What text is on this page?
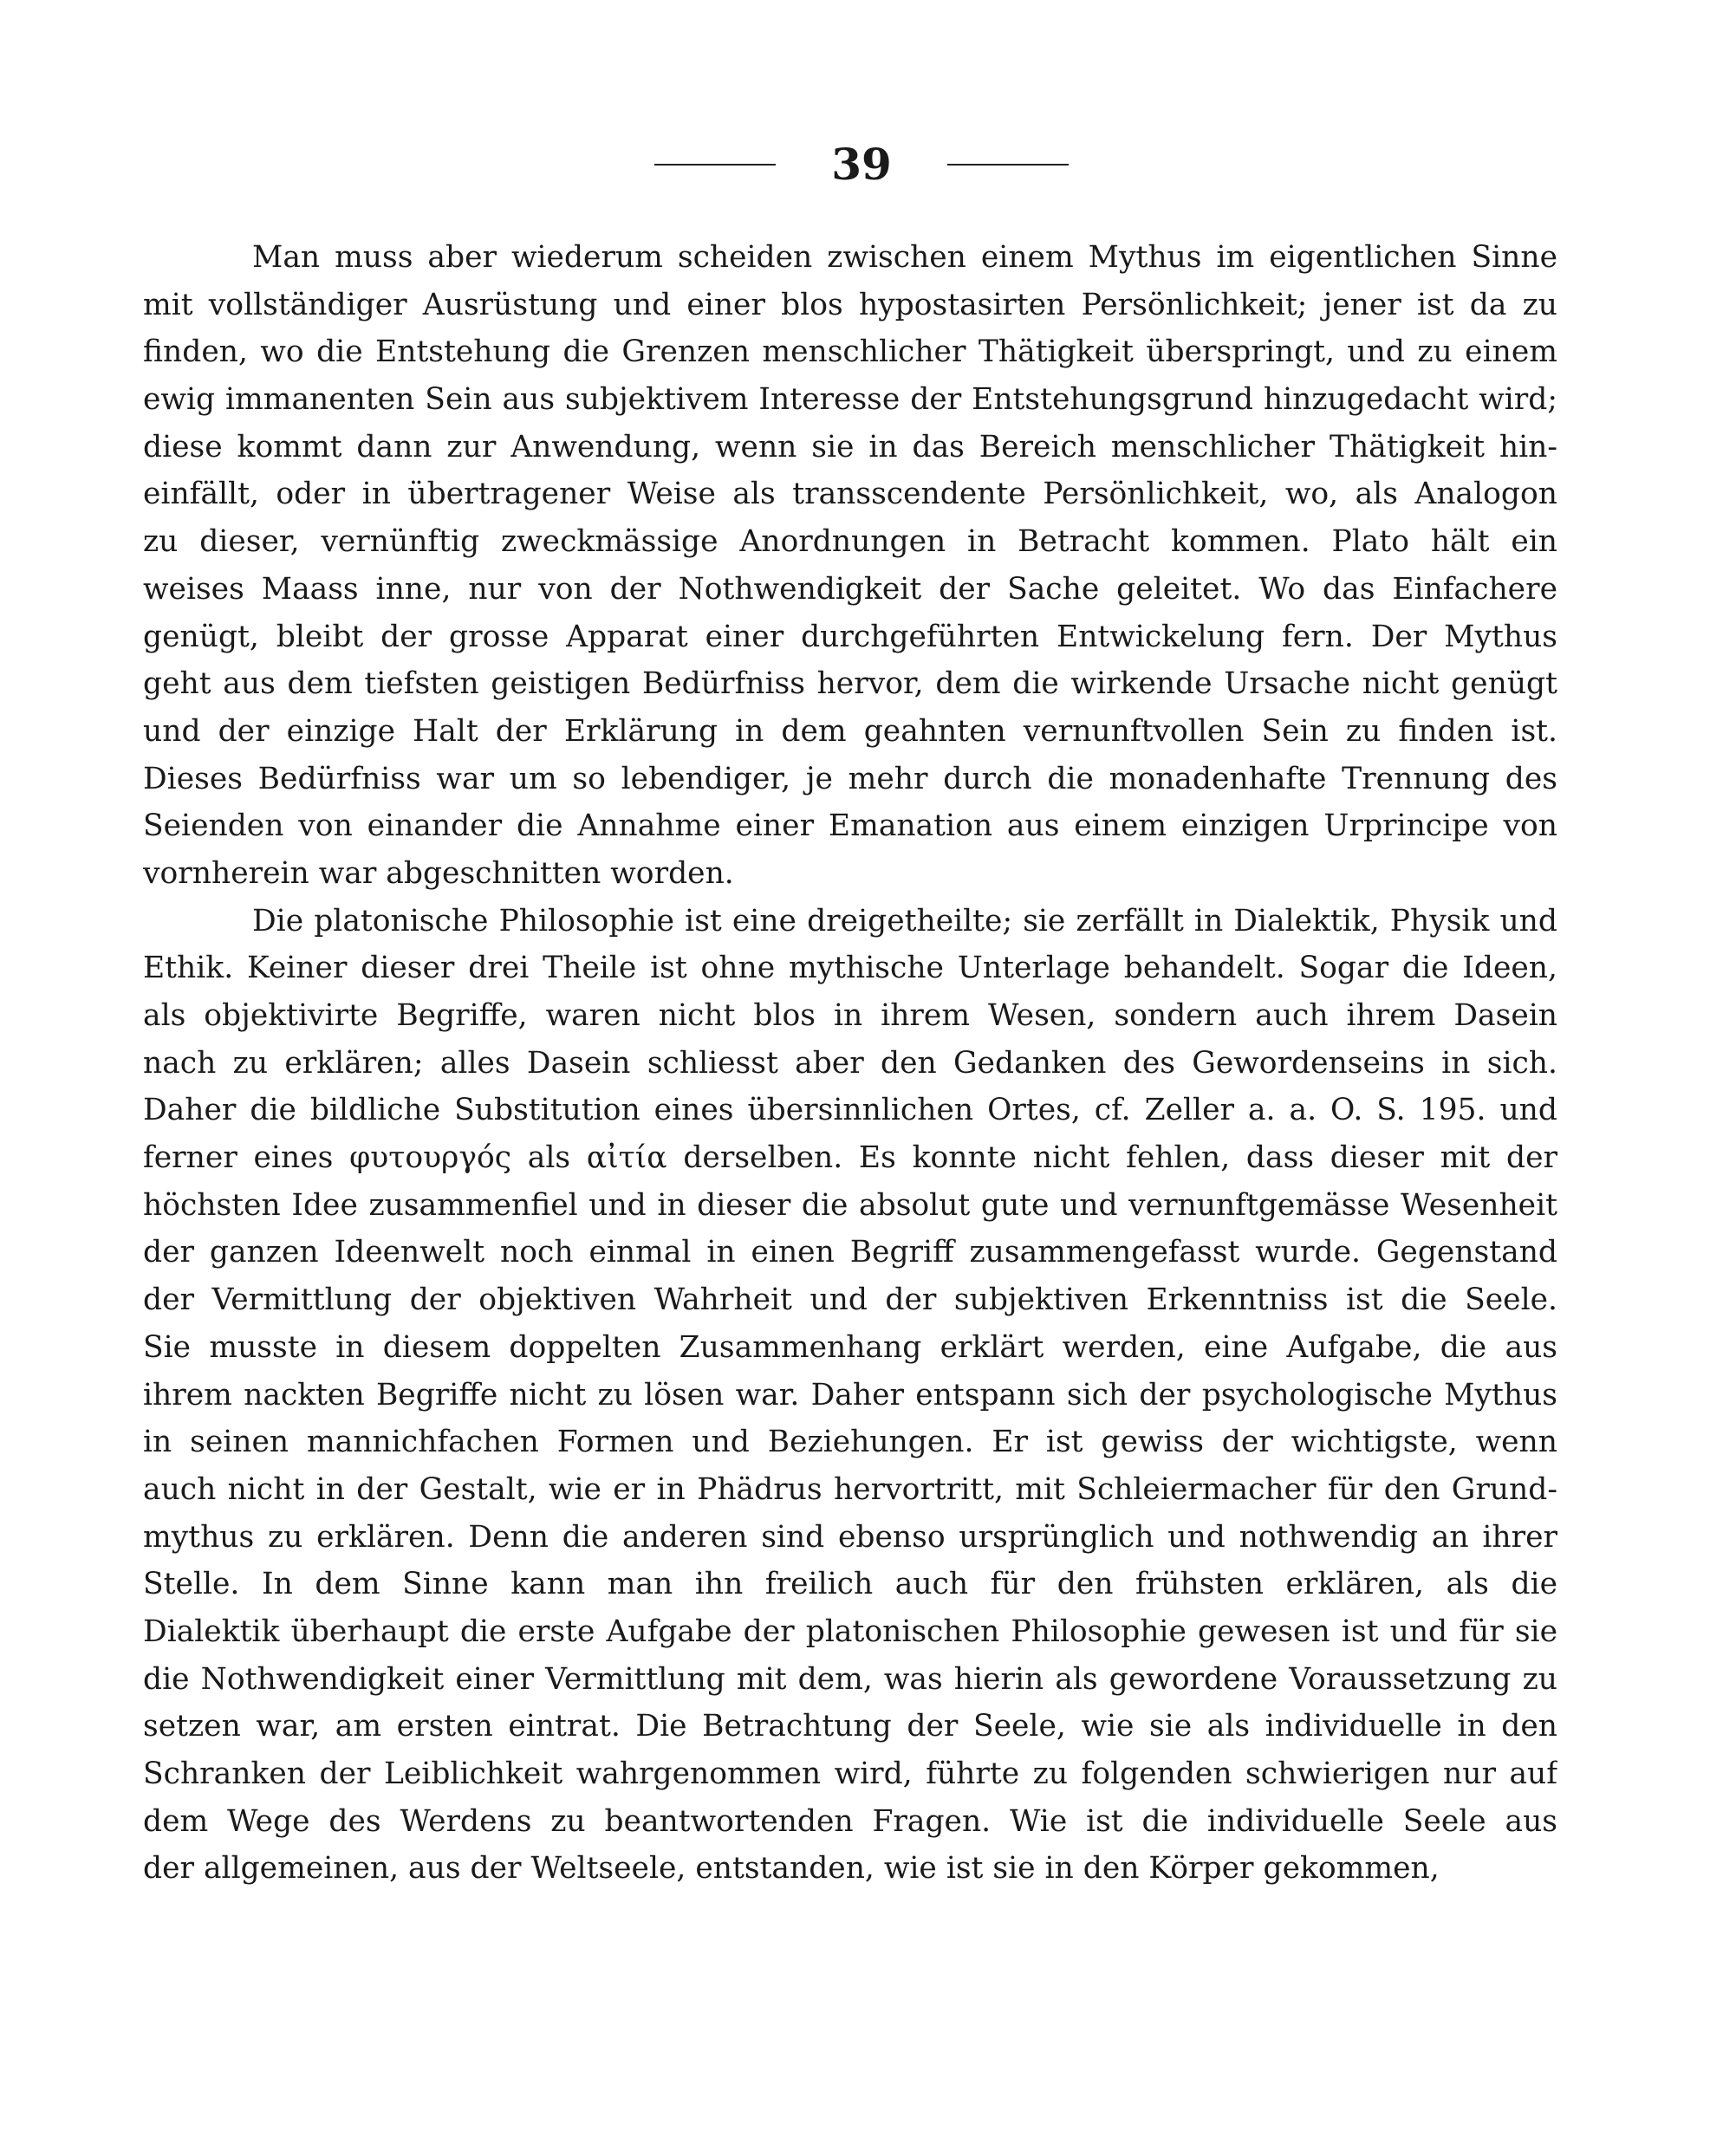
39
Man muss aber wiederum scheiden zwischen einem Mythus im eigentlichen Sinne
mit vollständiger Ausrüstung und einer blos hypostasirten Persönlichkeit; jener ist da zu
finden, wo die Entstehung die Grenzen menschlicher Thätigkeit überspringt, und zu einem
ewig immanenten Sein aus subjektivem Interesse der Entstehungsgrund hinzugedacht wird;
diese kommt dann zur Anwendung, wenn sie in das Bereich menschlicher Thätigkeit hin-
einfällt, oder in übertragener Weise als transscendente Persönlichkeit, wo, als Analogon
zu dieser, vernünftig zweckmässige Anordnungen in Betracht kommen. Plato hält ein
weises Maass inne, nur von der Nothwendigkeit der Sache geleitet. Wo das Einfachere
genügt, bleibt der grosse Apparat einer durchgeführten Entwickelung fern. Der Mythus
geht aus dem tiefsten geistigen Bedürfniss hervor, dem die wirkende Ursache nicht genügt
und der einzige Halt der Erklärung in dem geahnten vernunftvollen Sein zu finden ist.
Dieses Bedürfniss war um so lebendiger, je mehr durch die monadenhafte Trennung des
Seienden von einander die Annahme einer Emanation aus einem einzigen Urprincipe von
vornherein war abgeschnitten worden.
Die platonische Philosophie ist eine dreigetheilte; sie zerfällt in Dialektik, Physik und
Ethik. Keiner dieser drei Theile ist ohne mythische Unterlage behandelt. Sogar die Ideen,
als objektivirte Begriffe, waren nicht blos in ihrem Wesen, sondern auch ihrem Dasein
nach zu erklären; alles Dasein schliesst aber den Gedanken des Gewordenseins in sich.
Daher die bildliche Substitution eines übersinnlichen Ortes, cf. Zeller a. a. O. S. 195. und
ferner eines φυτουργός als αἰτία derselben. Es konnte nicht fehlen, dass dieser mit der
höchsten Idee zusammenfiel und in dieser die absolut gute und vernunftgemässe Wesenheit
der ganzen Ideenwelt noch einmal in einen Begriff zusammengefasst wurde. Gegenstand
der Vermittlung der objektiven Wahrheit und der subjektiven Erkenntniss ist die Seele.
Sie musste in diesem doppelten Zusammenhang erklärt werden, eine Aufgabe, die aus
ihrem nackten Begriffe nicht zu lösen war. Daher entspann sich der psychologische Mythus
in seinen mannichfachen Formen und Beziehungen. Er ist gewiss der wichtigste, wenn
auch nicht in der Gestalt, wie er in Phädrus hervortritt, mit Schleiermacher für den Grund-
mythus zu erklären. Denn die anderen sind ebenso ursprünglich und nothwendig an ihrer
Stelle. In dem Sinne kann man ihn freilich auch für den frühsten erklären, als die
Dialektik überhaupt die erste Aufgabe der platonischen Philosophie gewesen ist und für sie
die Nothwendigkeit einer Vermittlung mit dem, was hierin als gewordene Voraussetzung zu
setzen war, am ersten eintrat. Die Betrachtung der Seele, wie sie als individuelle in den
Schranken der Leiblichkeit wahrgenommen wird, führte zu folgenden schwierigen nur auf
dem Wege des Werdens zu beantwortenden Fragen. Wie ist die individuelle Seele aus
der allgemeinen, aus der Weltseele, entstanden, wie ist sie in den Körper gekommen,
